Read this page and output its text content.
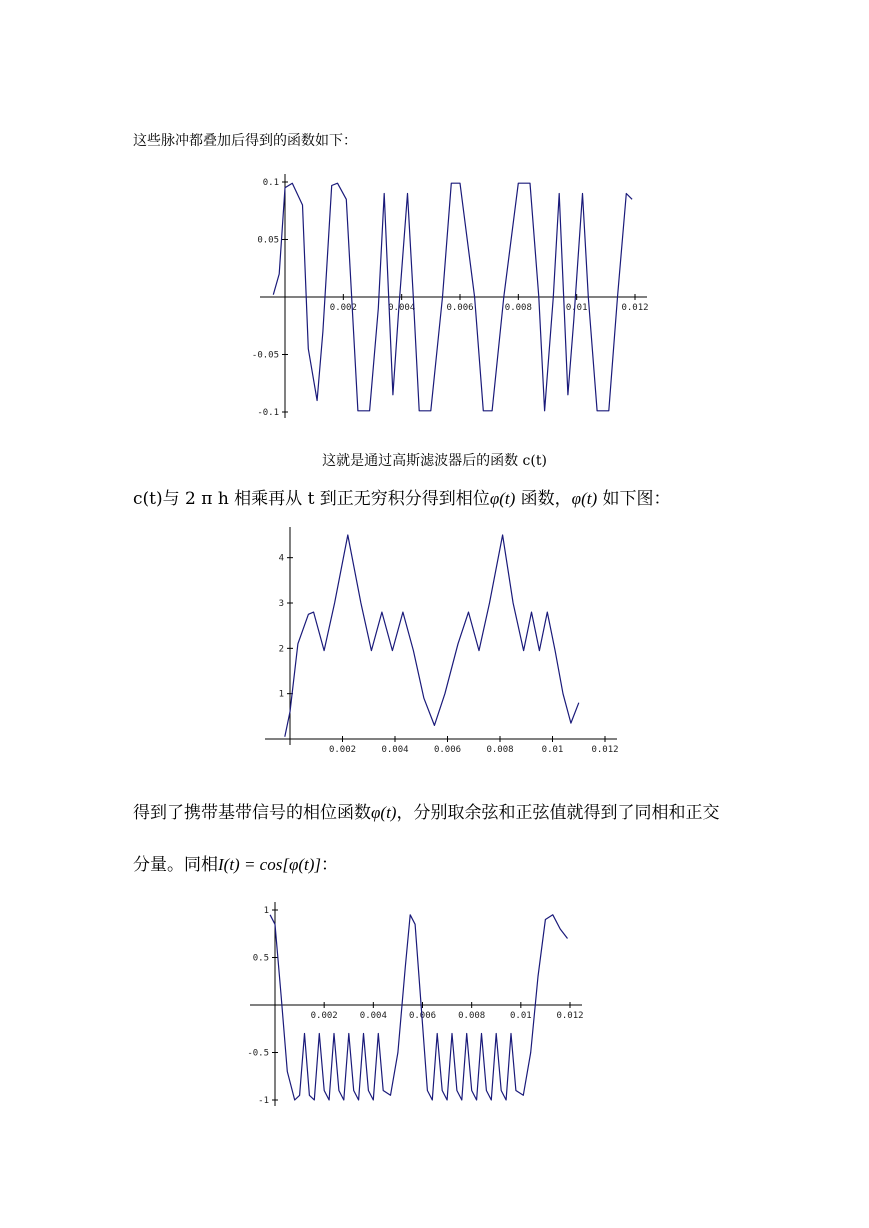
这些脉冲都叠加后得到的函数如下：
0.002	0.004	0.006	0.008	0.01	0.012
0.1
0.05
-0.05
-0.1
这就是通过高斯滤波器后的函数 c(t)
c(t)与 2 π h 相乘再从 t 到正无穷积分得到相位φ(t) 函数，φ(t) 如下图：
0.002	0.004	0.006	0.008	0.01	0.012
1
2
3
4
得到了携带基带信号的相位函数φ(t)，分别取余弦和正弦值就得到了同相和正交
分量。同相I(t) = cos[φ(t)]：
0.002 0.004 0.006 0.008	0.01	0.012
1
0.5
-0.5
-1
